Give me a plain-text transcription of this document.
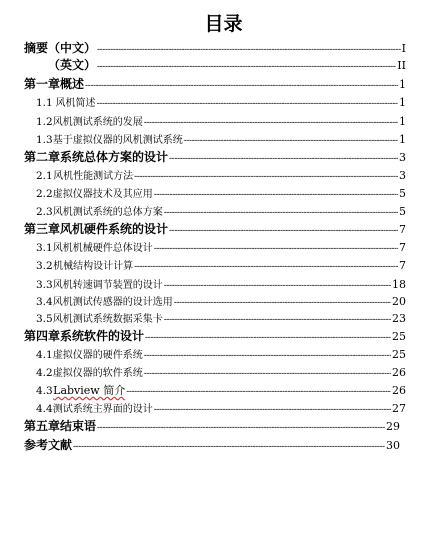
目录
摘要（中文） -----	I
（英文） -----	II
第一章 概述 -----	1
1.1 风机简述 -----	1
1.2 风机测试系统的发展 -----	1
1.3 基于虚拟仪器的风机测试系统 -----	1
第二章 系统总体方案的设计 -----	3
2.1 风机性能测试方法 -----	3
2.2 虚拟仪器技术及其应用 -----	5
2.3 风机测试系统的总体方案 -----	5
第三章 风机硬件系统的设计 -----	7
3.1 风机机械硬件总体设计 -----	7
3.2 机械结构设计计算 -----	7
3.3 风机转速调节装置的设计 -----	18
3.4 风机测试传感器的设计选用 -----	20
3.5 风机测试系统数据采集卡 -----	23
第四章 系统软件的设计 -----	25
4.1 虚拟仪器的硬件系统 -----	25
4.2 虚拟仪器的软件系统 -----	26
4.3 Labview 简介 -----	26
4.4 测试系统主界面的设计 -----	27
第五章 结束语 -----	29
参考文献 -----	30
